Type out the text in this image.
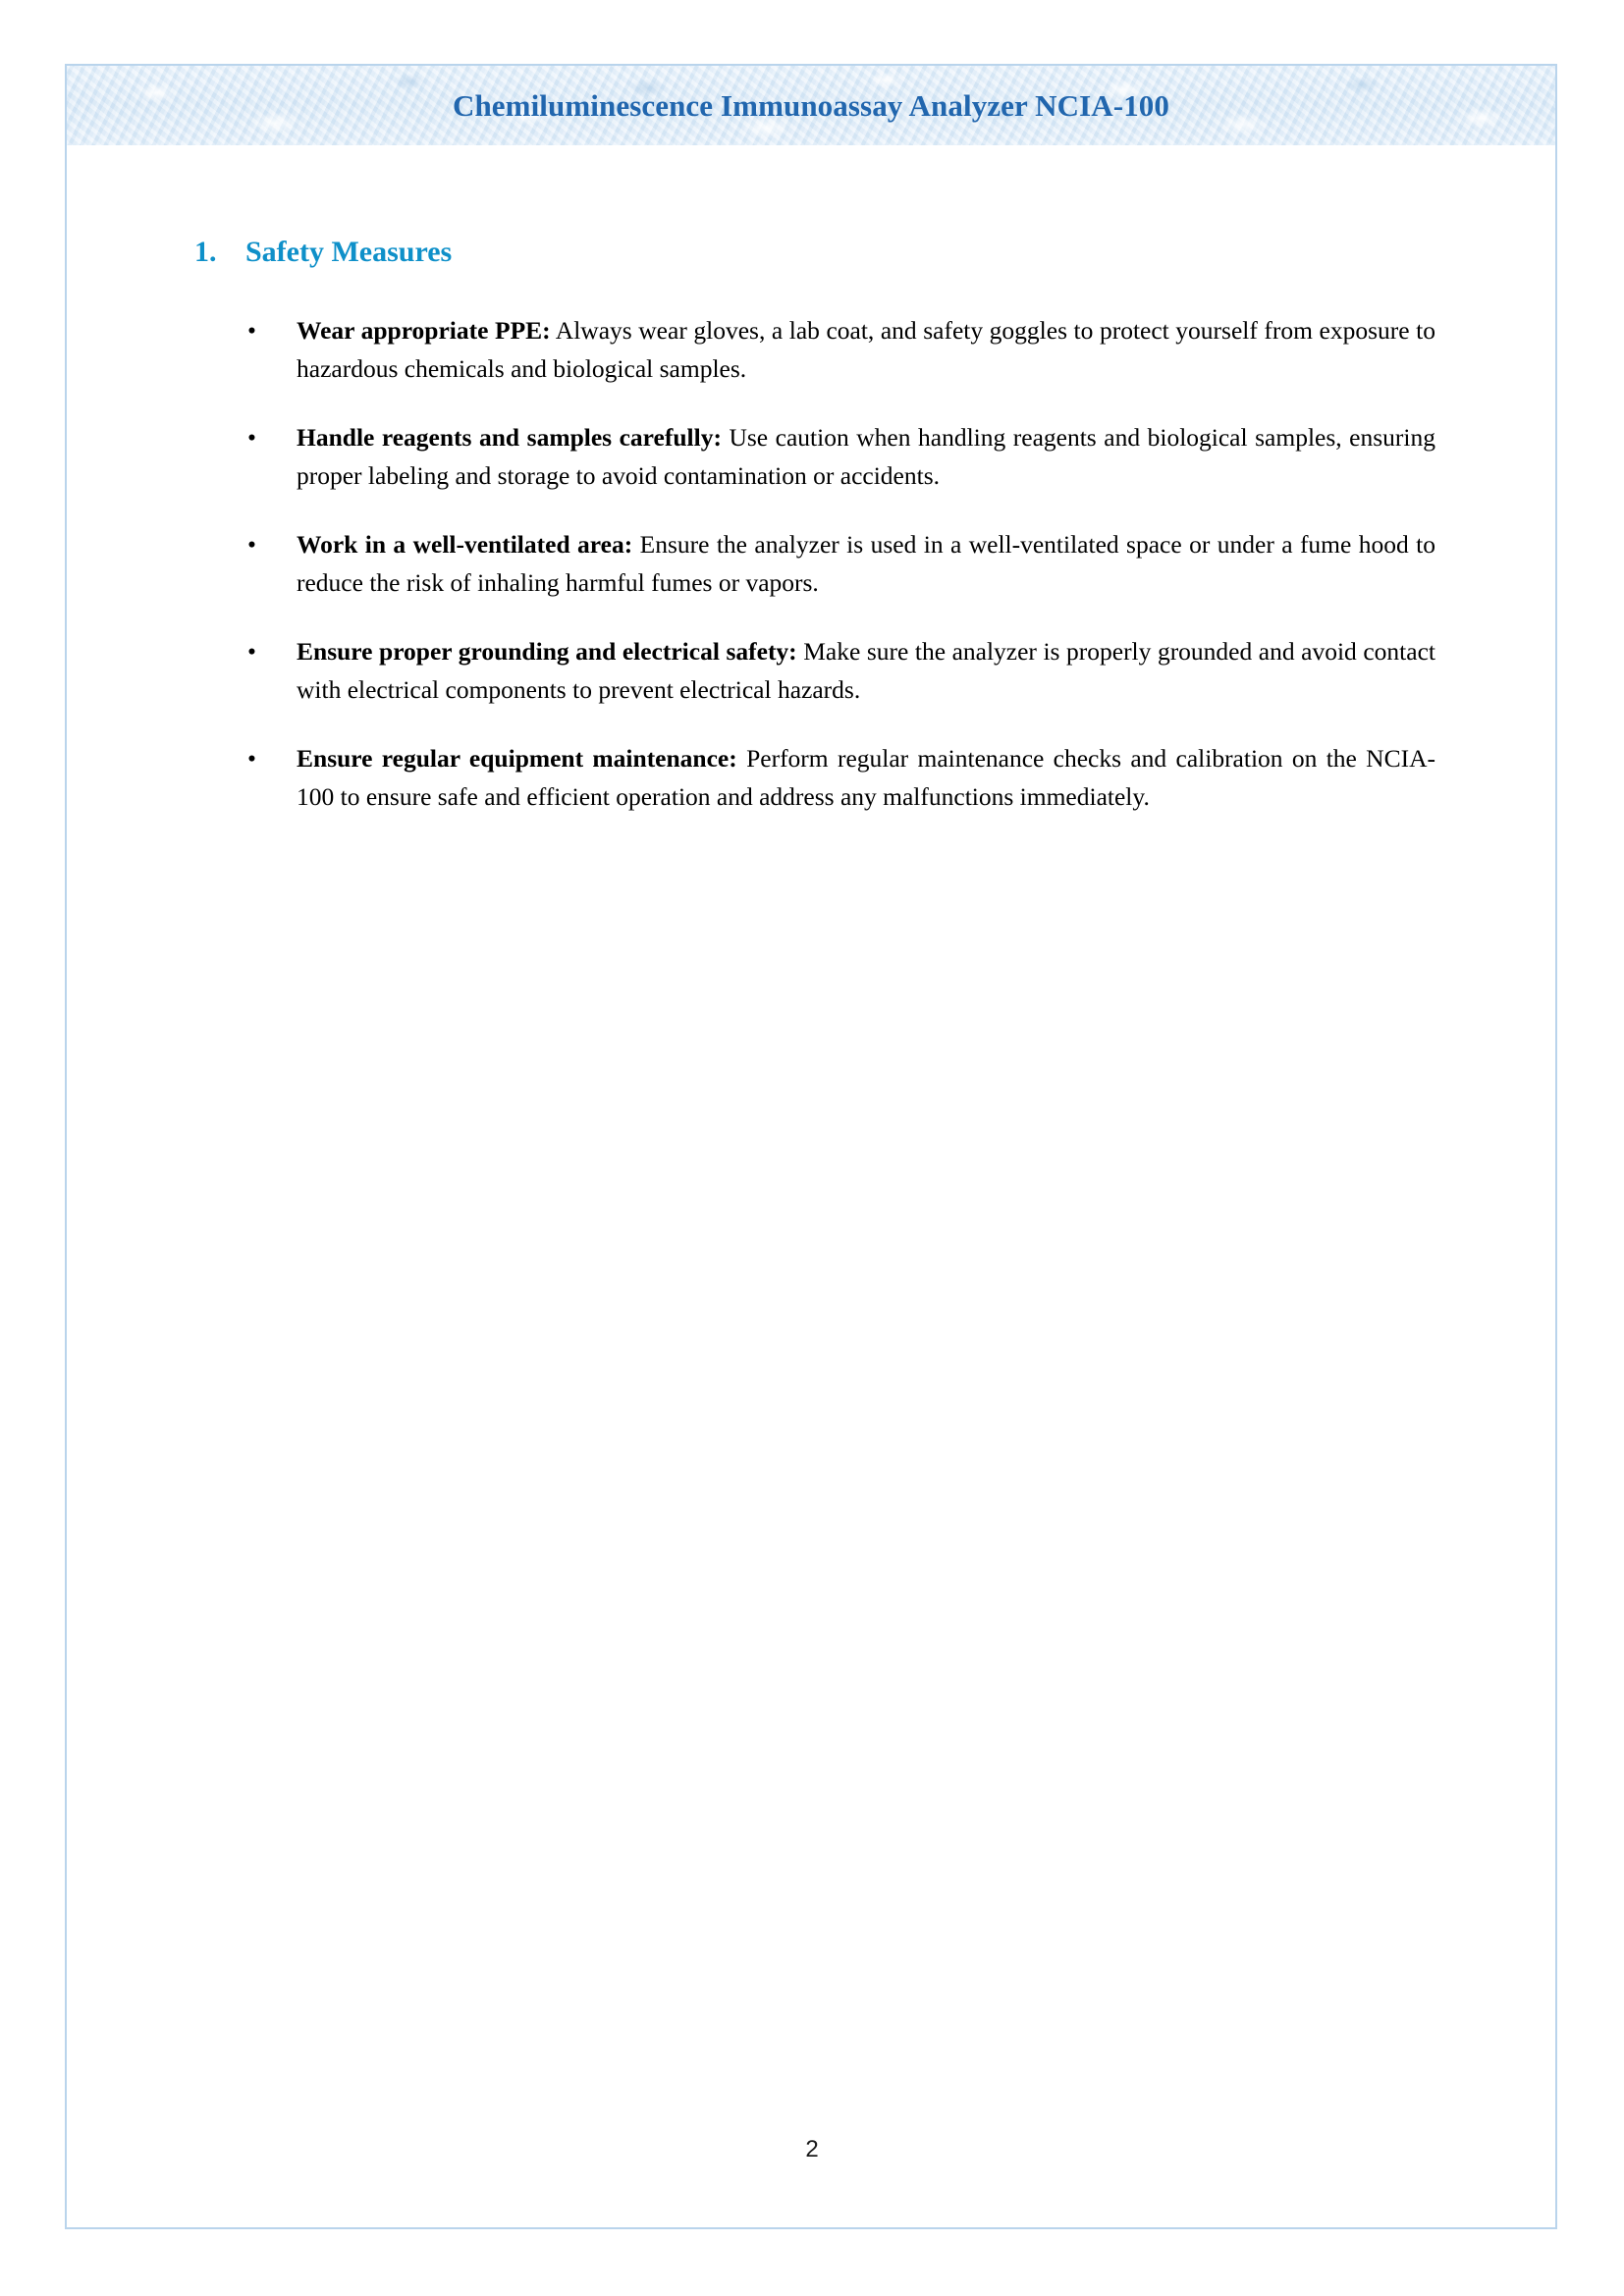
Chemiluminescence Immunoassay Analyzer NCIA-100
1. Safety Measures
•	Wear appropriate PPE: Always wear gloves, a lab coat, and safety goggles to protect yourself from exposure to hazardous chemicals and biological samples.
•	Handle reagents and samples carefully: Use caution when handling reagents and biological samples, ensuring proper labeling and storage to avoid contamination or accidents.
•	Work in a well-ventilated area: Ensure the analyzer is used in a well-ventilated space or under a fume hood to reduce the risk of inhaling harmful fumes or vapors.
•	Ensure proper grounding and electrical safety: Make sure the analyzer is properly grounded and avoid contact with electrical components to prevent electrical hazards.
•	Ensure regular equipment maintenance: Perform regular maintenance checks and calibration on the NCIA-100 to ensure safe and efficient operation and address any malfunctions immediately.
2
